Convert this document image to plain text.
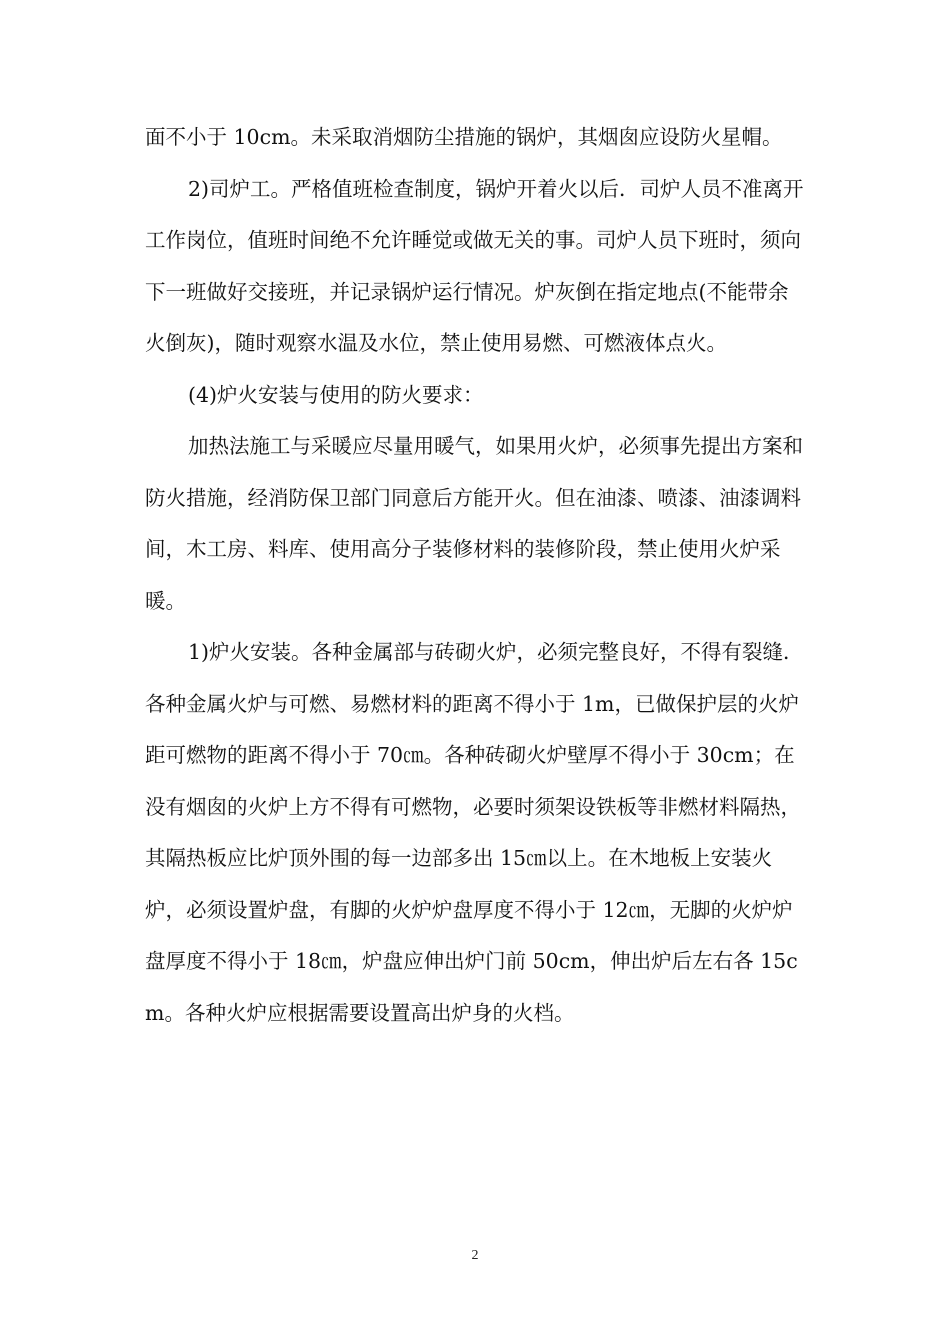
面不小于 10cm。未采取消烟防尘措施的锅炉，其烟囱应设防火星帽。

2)司炉工。严格值班检查制度，锅炉开着火以后．司炉人员不准离开工作岗位，值班时间绝不允许睡觉或做无关的事。司炉人员下班时，须向下一班做好交接班，并记录锅炉运行情况。炉灰倒在指定地点(不能带余火倒灰)，随时观察水温及水位，禁止使用易燃、可燃液体点火。

(4)炉火安装与使用的防火要求：

加热法施工与采暖应尽量用暖气，如果用火炉，必须事先提出方案和防火措施，经消防保卫部门同意后方能开火。但在油漆、喷漆、油漆调料间，木工房、料库、使用高分子装修材料的装修阶段，禁止使用火炉采暖。

1)炉火安装。各种金属部与砖砌火炉，必须完整良好，不得有裂缝．各种金属火炉与可燃、易燃材料的距离不得小于 1m，已做保护层的火炉距可燃物的距离不得小于 70㎝。各种砖砌火炉壁厚不得小于 30cm；在没有烟囱的火炉上方不得有可燃物，必要时须架设铁板等非燃材料隔热，其隔热板应比炉顶外围的每一边部多出 15㎝以上。在木地板上安装火炉，必须设置炉盘，有脚的火炉炉盘厚度不得小于 12㎝，无脚的火炉炉盘厚度不得小于 18㎝，炉盘应伸出炉门前 50cm，伸出炉后左右各 15cm。各种火炉应根据需要设置高出炉身的火档。

2
